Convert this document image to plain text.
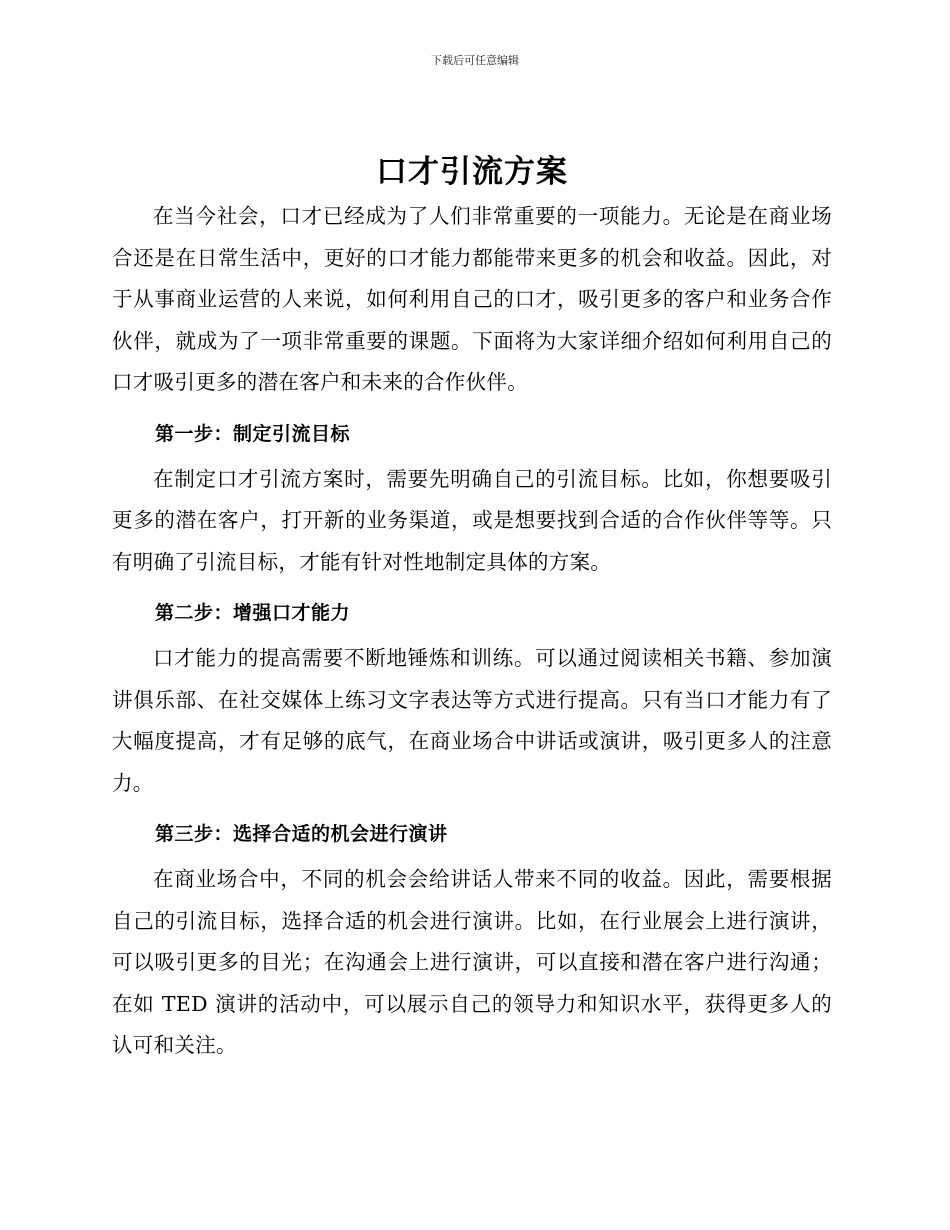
下载后可任意编辑
口才引流方案

在当今社会，口才已经成为了人们非常重要的一项能力。无论是在商业场合还是在日常生活中，更好的口才能力都能带来更多的机会和收益。因此，对于从事商业运营的人来说，如何利用自己的口才，吸引更多的客户和业务合作伙伴，就成为了一项非常重要的课题。下面将为大家详细介绍如何利用自己的口才吸引更多的潜在客户和未来的合作伙伴。

第一步：制定引流目标

在制定口才引流方案时，需要先明确自己的引流目标。比如，你想要吸引更多的潜在客户，打开新的业务渠道，或是想要找到合适的合作伙伴等等。只有明确了引流目标，才能有针对性地制定具体的方案。

第二步：增强口才能力

口才能力的提高需要不断地锤炼和训练。可以通过阅读相关书籍、参加演讲俱乐部、在社交媒体上练习文字表达等方式进行提高。只有当口才能力有了大幅度提高，才有足够的底气，在商业场合中讲话或演讲，吸引更多人的注意力。

第三步：选择合适的机会进行演讲

在商业场合中，不同的机会会给讲话人带来不同的收益。因此，需要根据自己的引流目标，选择合适的机会进行演讲。比如，在行业展会上进行演讲，可以吸引更多的目光；在沟通会上进行演讲，可以直接和潜在客户进行沟通；在如 TED 演讲的活动中，可以展示自己的领导力和知识水平，获得更多人的认可和关注。
